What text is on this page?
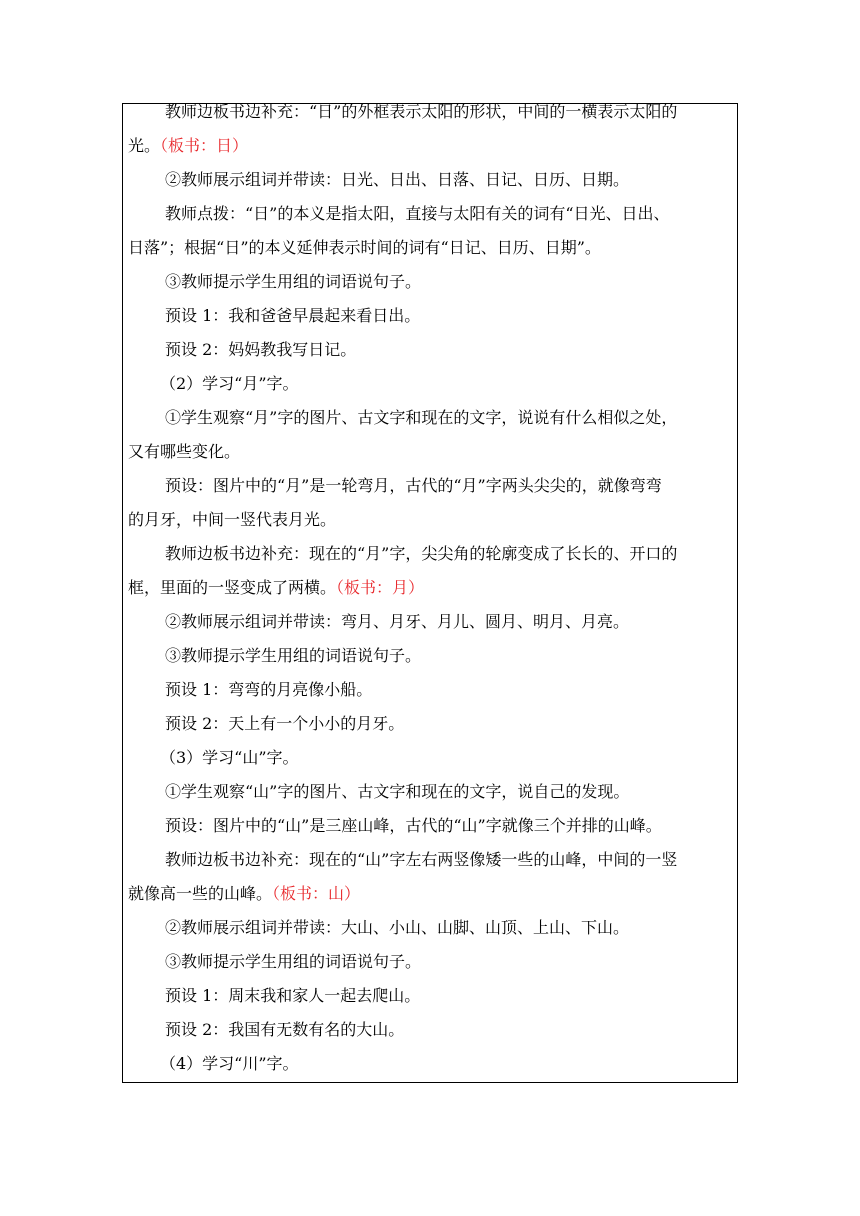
教师边板书边补充：“日”的外框表示太阳的形状，中间的一横表示太阳的
光。（板书：日）
②教师展示组词并带读：日光、日出、日落、日记、日历、日期。
教师点拨：“日”的本义是指太阳，直接与太阳有关的词有“日光、日出、
日落”；根据“日”的本义延伸表示时间的词有“日记、日历、日期”。
③教师提示学生用组的词语说句子。
预设 1：我和爸爸早晨起来看日出。
预设 2：妈妈教我写日记。
（2）学习“月”字。
①学生观察“月”字的图片、古文字和现在的文字，说说有什么相似之处，
又有哪些变化。
预设：图片中的“月”是一轮弯月，古代的“月”字两头尖尖的，就像弯弯
的月牙，中间一竖代表月光。
教师边板书边补充：现在的“月”字，尖尖角的轮廓变成了长长的、开口的
框，里面的一竖变成了两横。（板书：月）
②教师展示组词并带读：弯月、月牙、月儿、圆月、明月、月亮。
③教师提示学生用组的词语说句子。
预设 1：弯弯的月亮像小船。
预设 2：天上有一个小小的月牙。
（3）学习“山”字。
①学生观察“山”字的图片、古文字和现在的文字，说自己的发现。
预设：图片中的“山”是三座山峰，古代的“山”字就像三个并排的山峰。
教师边板书边补充：现在的“山”字左右两竖像矮一些的山峰，中间的一竖
就像高一些的山峰。（板书：山）
②教师展示组词并带读：大山、小山、山脚、山顶、上山、下山。
③教师提示学生用组的词语说句子。
预设 1：周末我和家人一起去爬山。
预设 2：我国有无数有名的大山。
（4）学习“川”字。
